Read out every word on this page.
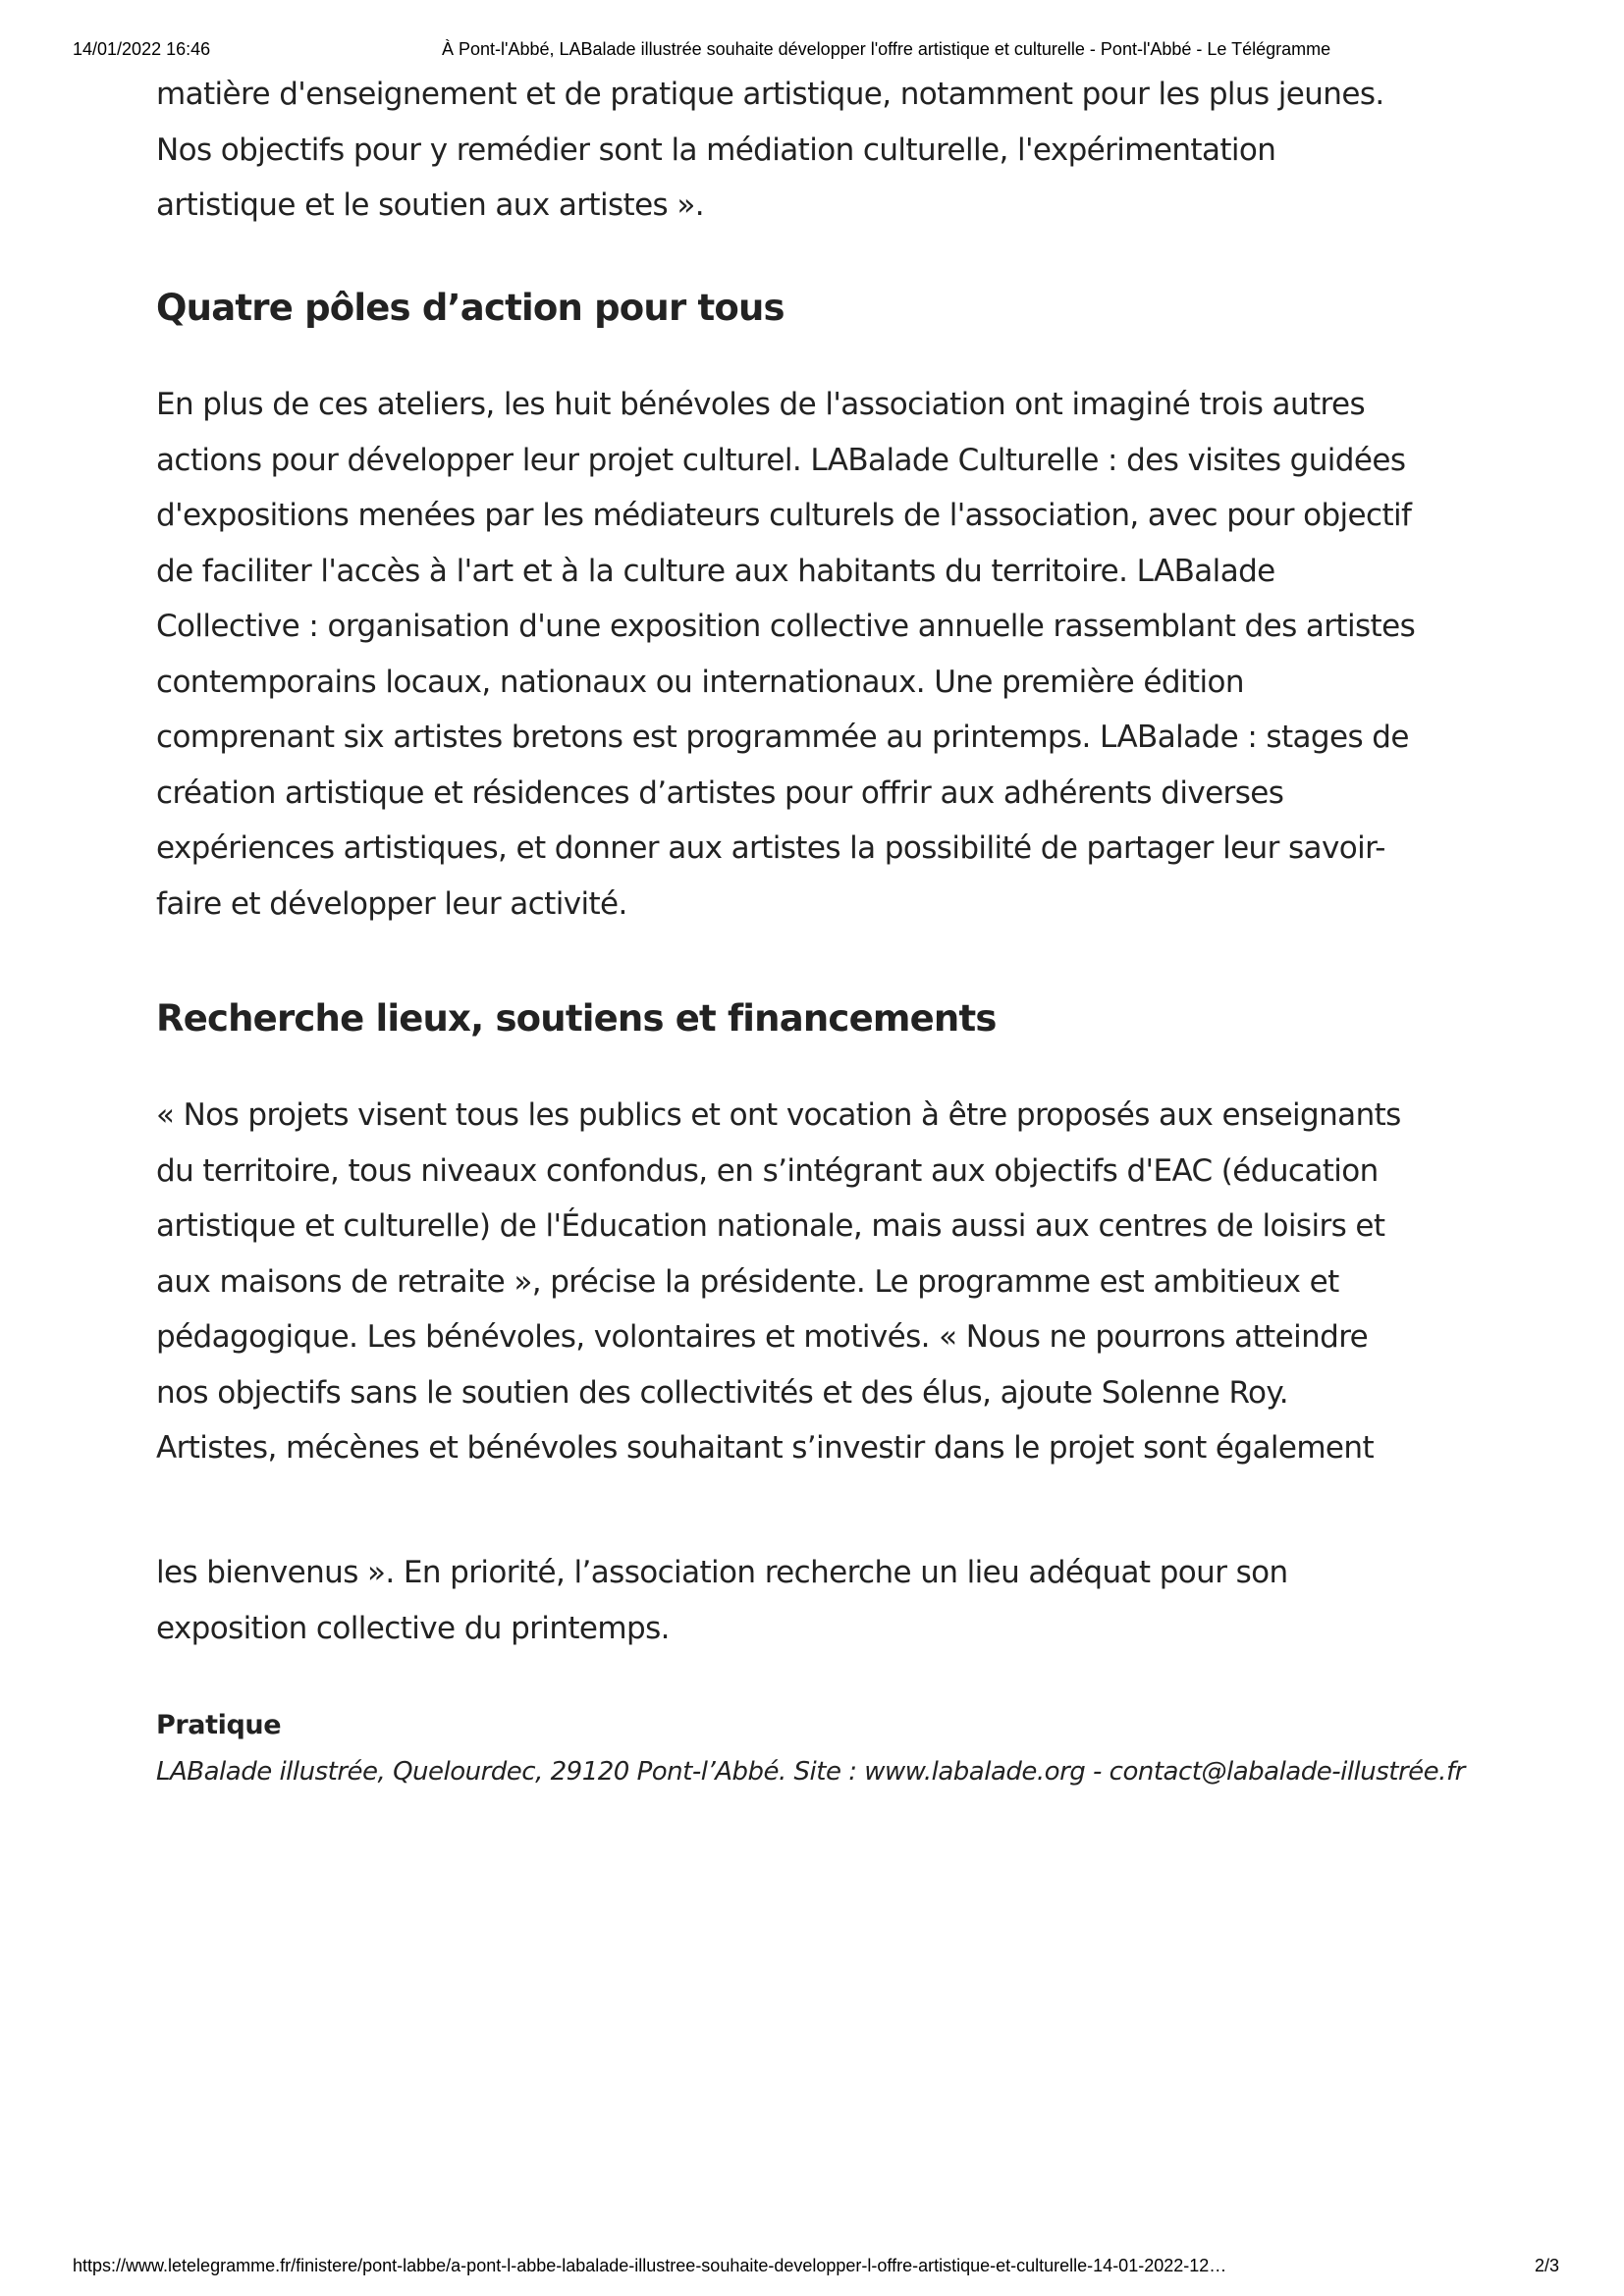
14/01/2022 16:46	À Pont-l'Abbé, LABalade illustrée souhaite développer l'offre artistique et culturelle - Pont-l'Abbé - Le Télégramme

matière d'enseignement et de pratique artistique, notamment pour les plus jeunes.
Nos objectifs pour y remédier sont la médiation culturelle, l'expérimentation
artistique et le soutien aux artistes ».

Quatre pôles d’action pour tous

En plus de ces ateliers, les huit bénévoles de l'association ont imaginé trois autres
actions pour développer leur projet culturel. LABalade Culturelle : des visites guidées
d'expositions menées par les médiateurs culturels de l'association, avec pour objectif
de faciliter l'accès à l'art et à la culture aux habitants du territoire. LABalade
Collective : organisation d'une exposition collective annuelle rassemblant des artistes
contemporains locaux, nationaux ou internationaux. Une première édition
comprenant six artistes bretons est programmée au printemps. LABalade : stages de
création artistique et résidences d’artistes pour offrir aux adhérents diverses
expériences artistiques, et donner aux artistes la possibilité de partager leur savoir-
faire et développer leur activité.

Recherche lieux, soutiens et financements

« Nos projets visent tous les publics et ont vocation à être proposés aux enseignants
du territoire, tous niveaux confondus, en s’intégrant aux objectifs d'EAC (éducation
artistique et culturelle) de l'Éducation nationale, mais aussi aux centres de loisirs et
aux maisons de retraite », précise la présidente. Le programme est ambitieux et
pédagogique. Les bénévoles, volontaires et motivés. « Nous ne pourrons atteindre
nos objectifs sans le soutien des collectivités et des élus, ajoute Solenne Roy.
Artistes, mécènes et bénévoles souhaitant s’investir dans le projet sont également

les bienvenus ». En priorité, l’association recherche un lieu adéquat pour son
exposition collective du printemps.

Pratique
LABalade illustrée, Quelourdec, 29120 Pont-l’Abbé. Site : www.labalade.org - contact@labalade-illustrée.fr
https://www.letelegramme.fr/finistere/pont-labbe/a-pont-l-abbe-labalade-illustree-souhaite-developper-l-offre-artistique-et-culturelle-14-01-2022-12…	2/3
